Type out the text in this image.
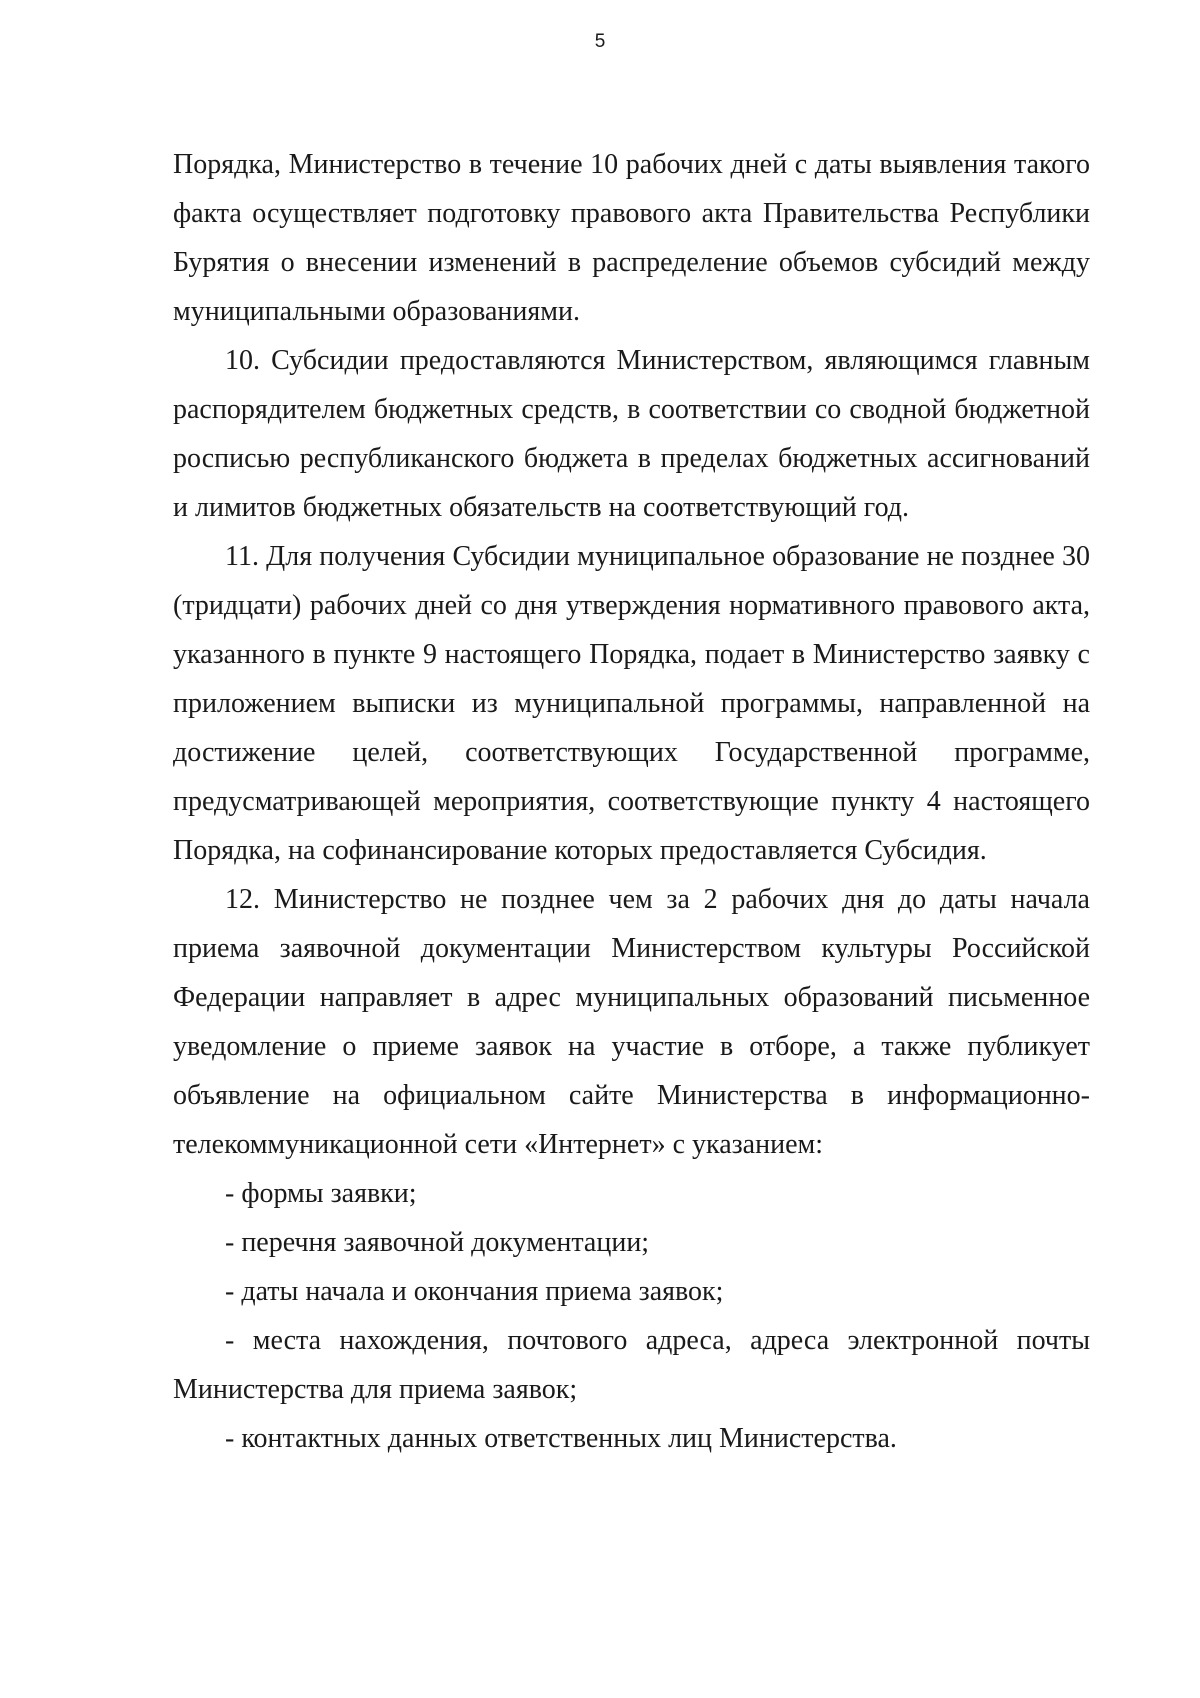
5

Порядка, Министерство в течение 10 рабочих дней с даты выявления такого факта осуществляет подготовку правового акта Правительства Республики Бурятия о внесении изменений в распределение объемов субсидий между муниципальными образованиями.

10. Субсидии предоставляются Министерством, являющимся главным распорядителем бюджетных средств, в соответствии со сводной бюджетной росписью республиканского бюджета в пределах бюджетных ассигнований и лимитов бюджетных обязательств на соответствующий год.

11. Для получения Субсидии муниципальное образование не позднее 30 (тридцати) рабочих дней со дня утверждения нормативного правового акта, указанного в пункте 9 настоящего Порядка, подает в Министерство заявку с приложением выписки из муниципальной программы, направленной на достижение целей, соответствующих Государственной программе, предусматривающей мероприятия, соответствующие пункту 4 настоящего Порядка, на софинансирование которых предоставляется Субсидия.

12. Министерство не позднее чем за 2 рабочих дня до даты начала приема заявочной документации Министерством культуры Российской Федерации направляет в адрес муниципальных образований письменное уведомление о приеме заявок на участие в отборе, а также публикует объявление на официальном сайте Министерства в информационно-телекоммуникационной сети «Интернет» с указанием:

- формы заявки;

- перечня заявочной документации;

- даты начала и окончания приема заявок;

- места нахождения, почтового адреса, адреса электронной почты Министерства для приема заявок;

- контактных данных ответственных лиц Министерства.
